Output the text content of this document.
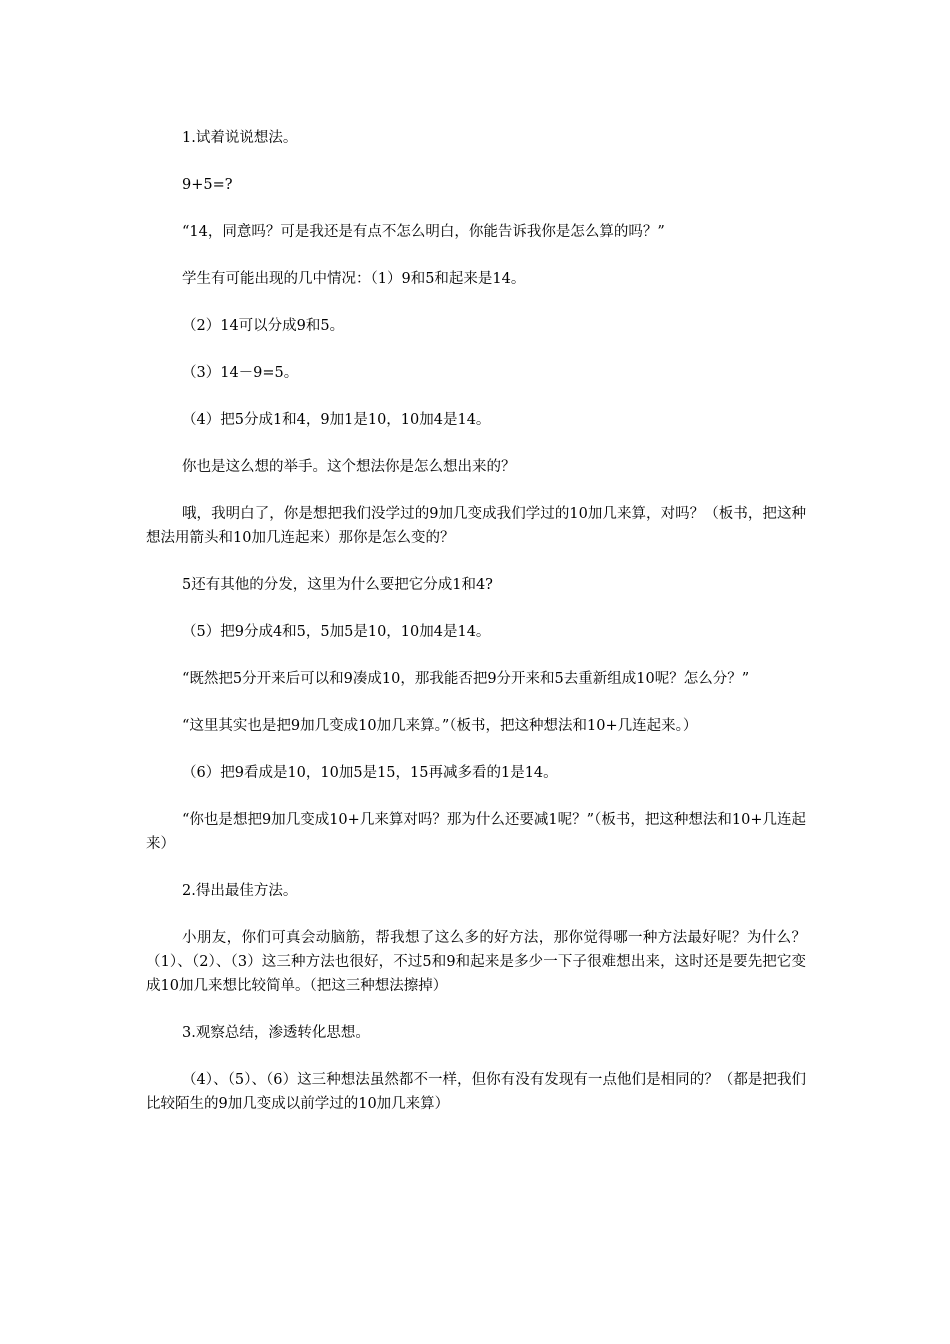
1.试着说说想法。

9+5=?

“14，同意吗？可是我还是有点不怎么明白，你能告诉我你是怎么算的吗？”

学生有可能出现的几中情况：（1）9和5和起来是14。

（2）14可以分成9和5。

（3）14－9=5。

（4）把5分成1和4，9加1是10，10加4是14。

你也是这么想的举手。这个想法你是怎么想出来的？

哦，我明白了，你是想把我们没学过的9加几变成我们学过的10加几来算，对吗？（板书，把这种想法用箭头和10加几连起来）那你是怎么变的？

5还有其他的分发，这里为什么要把它分成1和4?

（5）把9分成4和5，5加5是10，10加4是14。

“既然把5分开来后可以和9凑成10，那我能否把9分开来和5去重新组成10呢？怎么分？”

“这里其实也是把9加几变成10加几来算。”（板书，把这种想法和10+几连起来。）

（6）把9看成是10，10加5是15，15再减多看的1是14。

“你也是想把9加几变成10+几来算对吗？那为什么还要减1呢？”（板书，把这种想法和10+几连起来）

2.得出最佳方法。

小朋友，你们可真会动脑筋，帮我想了这么多的好方法，那你觉得哪一种方法最好呢？为什么？（1）、（2）、（3）这三种方法也很好，不过5和9和起来是多少一下子很难想出来，这时还是要先把它变成10加几来想比较简单。（把这三种想法擦掉）

3.观察总结，渗透转化思想。

（4）、（5）、（6）这三种想法虽然都不一样，但你有没有发现有一点他们是相同的？（都是把我们比较陌生的9加几变成以前学过的10加几来算）
